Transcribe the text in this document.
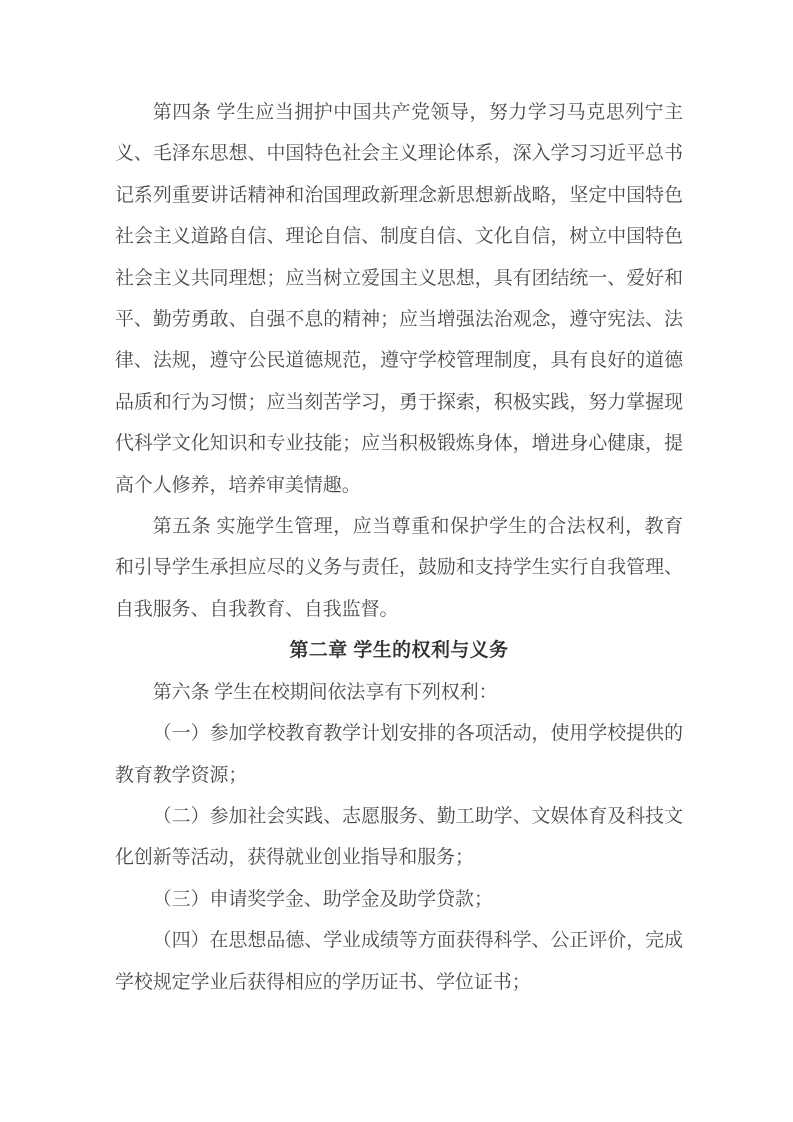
第四条 学生应当拥护中国共产党领导，努力学习马克思列宁主义、毛泽东思想、中国特色社会主义理论体系，深入学习习近平总书记系列重要讲话精神和治国理政新理念新思想新战略，坚定中国特色社会主义道路自信、理论自信、制度自信、文化自信，树立中国特色社会主义共同理想；应当树立爱国主义思想，具有团结统一、爱好和平、勤劳勇敢、自强不息的精神；应当增强法治观念，遵守宪法、法律、法规，遵守公民道德规范，遵守学校管理制度，具有良好的道德品质和行为习惯；应当刻苦学习，勇于探索，积极实践，努力掌握现代科学文化知识和专业技能；应当积极锻炼身体，增进身心健康，提高个人修养，培养审美情趣。

第五条 实施学生管理，应当尊重和保护学生的合法权利，教育和引导学生承担应尽的义务与责任，鼓励和支持学生实行自我管理、自我服务、自我教育、自我监督。

第二章 学生的权利与义务

第六条 学生在校期间依法享有下列权利：

（一）参加学校教育教学计划安排的各项活动，使用学校提供的教育教学资源；

（二）参加社会实践、志愿服务、勤工助学、文娱体育及科技文化创新等活动，获得就业创业指导和服务；

（三）申请奖学金、助学金及助学贷款；

（四）在思想品德、学业成绩等方面获得科学、公正评价，完成学校规定学业后获得相应的学历证书、学位证书；
